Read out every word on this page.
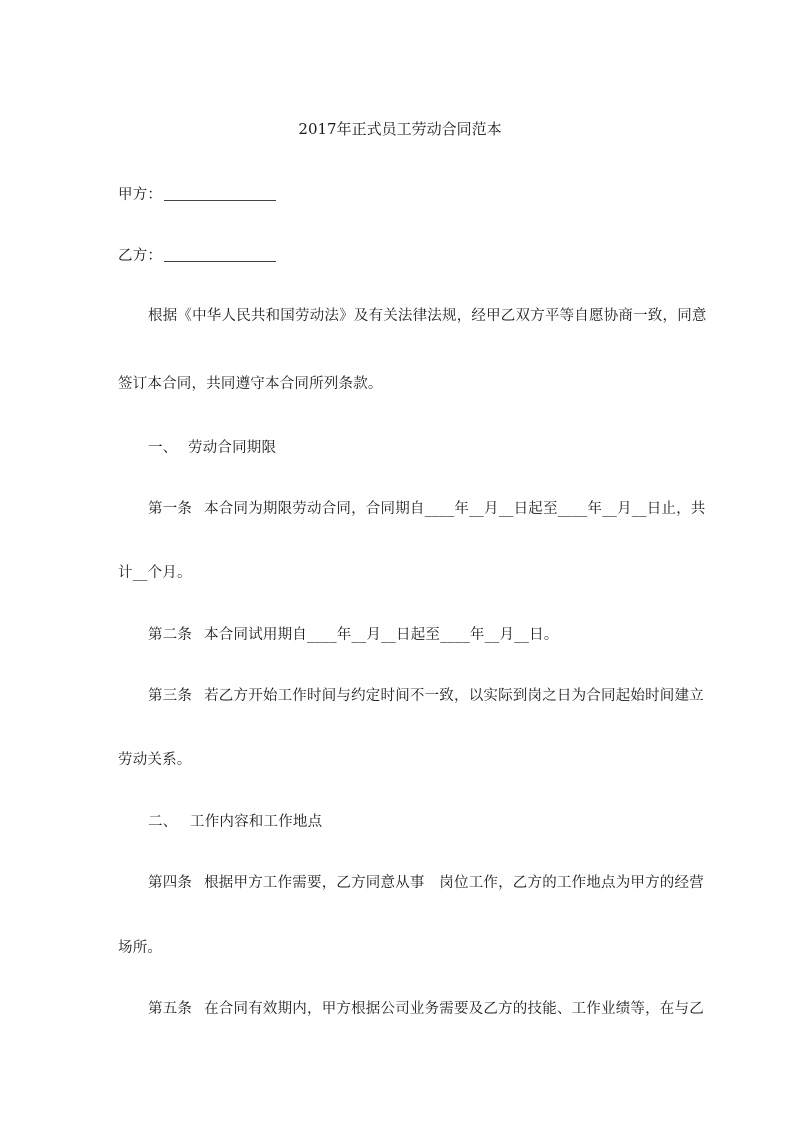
2017年正式员工劳动合同范本
甲方：
乙方：
根据《中华人民共和国劳动法》及有关法律法规，经甲乙双方平等自愿协商一致，同意
签订本合同，共同遵守本合同所列条款。
一、 劳动合同期限
第一条 本合同为期限劳动合同，合同期自____年__月__日起至____年__月__日止，共
计__个月。
第二条 本合同试用期自____年__月__日起至____年__月__日。
第三条 若乙方开始工作时间与约定时间不一致，以实际到岗之日为合同起始时间建立
劳动关系。
二、 工作内容和工作地点
第四条 根据甲方工作需要，乙方同意从事　岗位工作，乙方的工作地点为甲方的经营
场所。
第五条 在合同有效期内，甲方根据公司业务需要及乙方的技能、工作业绩等，在与乙
